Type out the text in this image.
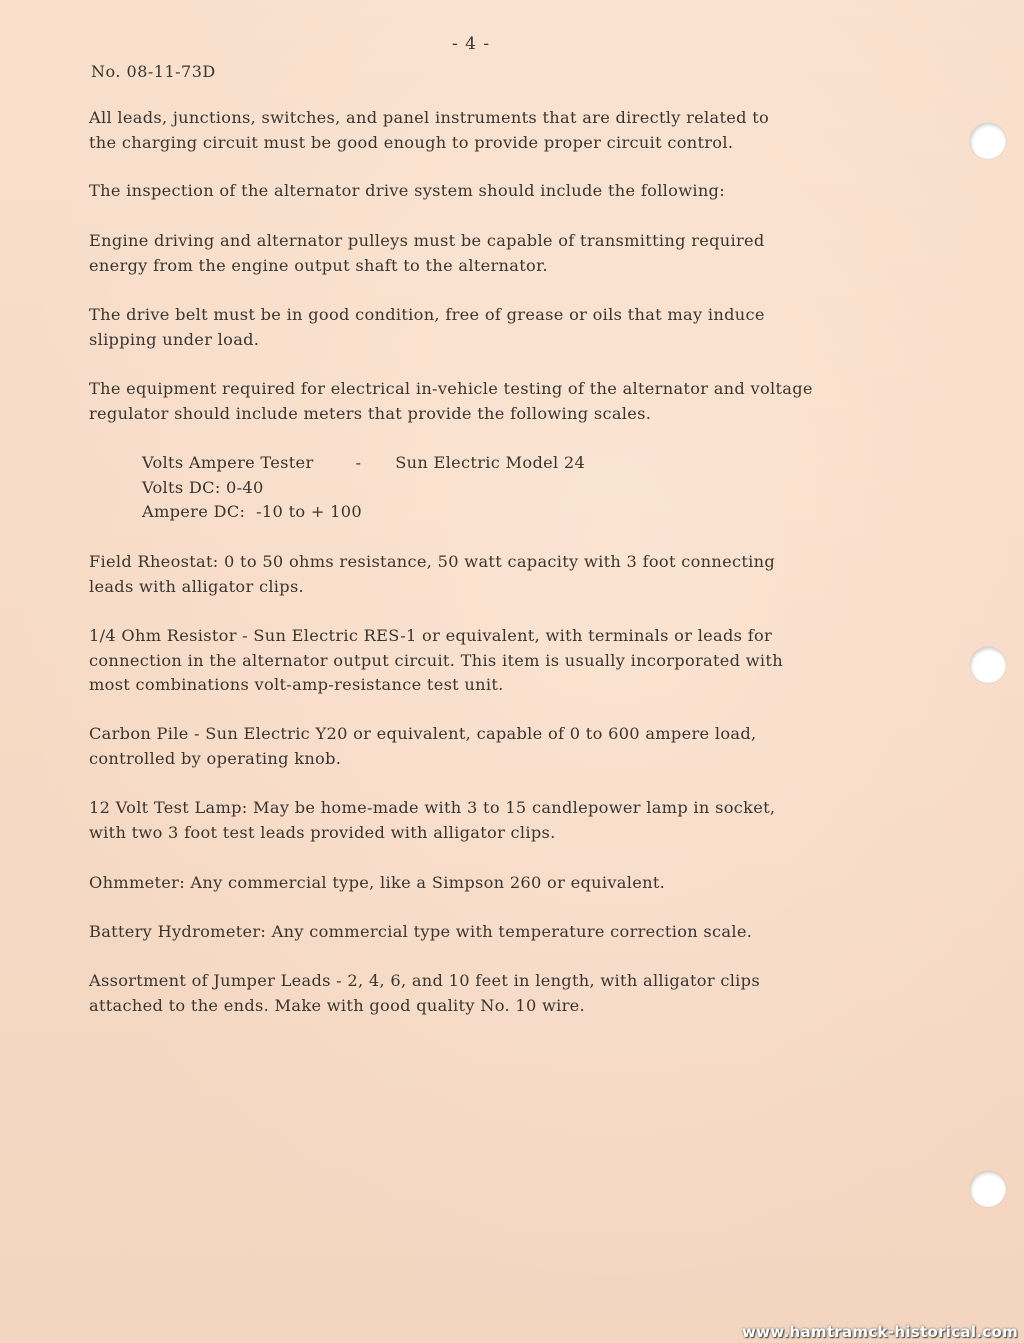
- 4 -
No. 08-11-73D

All leads, junctions, switches, and panel instruments that are directly related to
the charging circuit must be good enough to provide proper circuit control.

The inspection of the alternator drive system should include the following:

Engine driving and alternator pulleys must be capable of transmitting required
energy from the engine output shaft to the alternator.

The drive belt must be in good condition, free of grease or oils that may induce
slipping under load.

The equipment required for electrical in-vehicle testing of the alternator and voltage
regulator should include meters that provide the following scales.

Volts Ampere Tester	- Sun Electric Model 24
Volts DC: 0-40
Ampere DC:  -10 to + 100

Field Rheostat: 0 to 50 ohms resistance, 50 watt capacity with 3 foot connecting
leads with alligator clips.

1/4 Ohm Resistor - Sun Electric RES-1 or equivalent, with terminals or leads for
connection in the alternator output circuit. This item is usually incorporated with
most combinations volt-amp-resistance test unit.

Carbon Pile - Sun Electric Y20 or equivalent, capable of 0 to 600 ampere load,
controlled by operating knob.

12 Volt Test Lamp: May be home-made with 3 to 15 candlepower lamp in socket,
with two 3 foot test leads provided with alligator clips.

Ohmmeter: Any commercial type, like a Simpson 260 or equivalent.

Battery Hydrometer: Any commercial type with temperature correction scale.

Assortment of Jumper Leads - 2, 4, 6, and 10 feet in length, with alligator clips
attached to the ends. Make with good quality No. 10 wire.

www.hamtramck-historical.com
